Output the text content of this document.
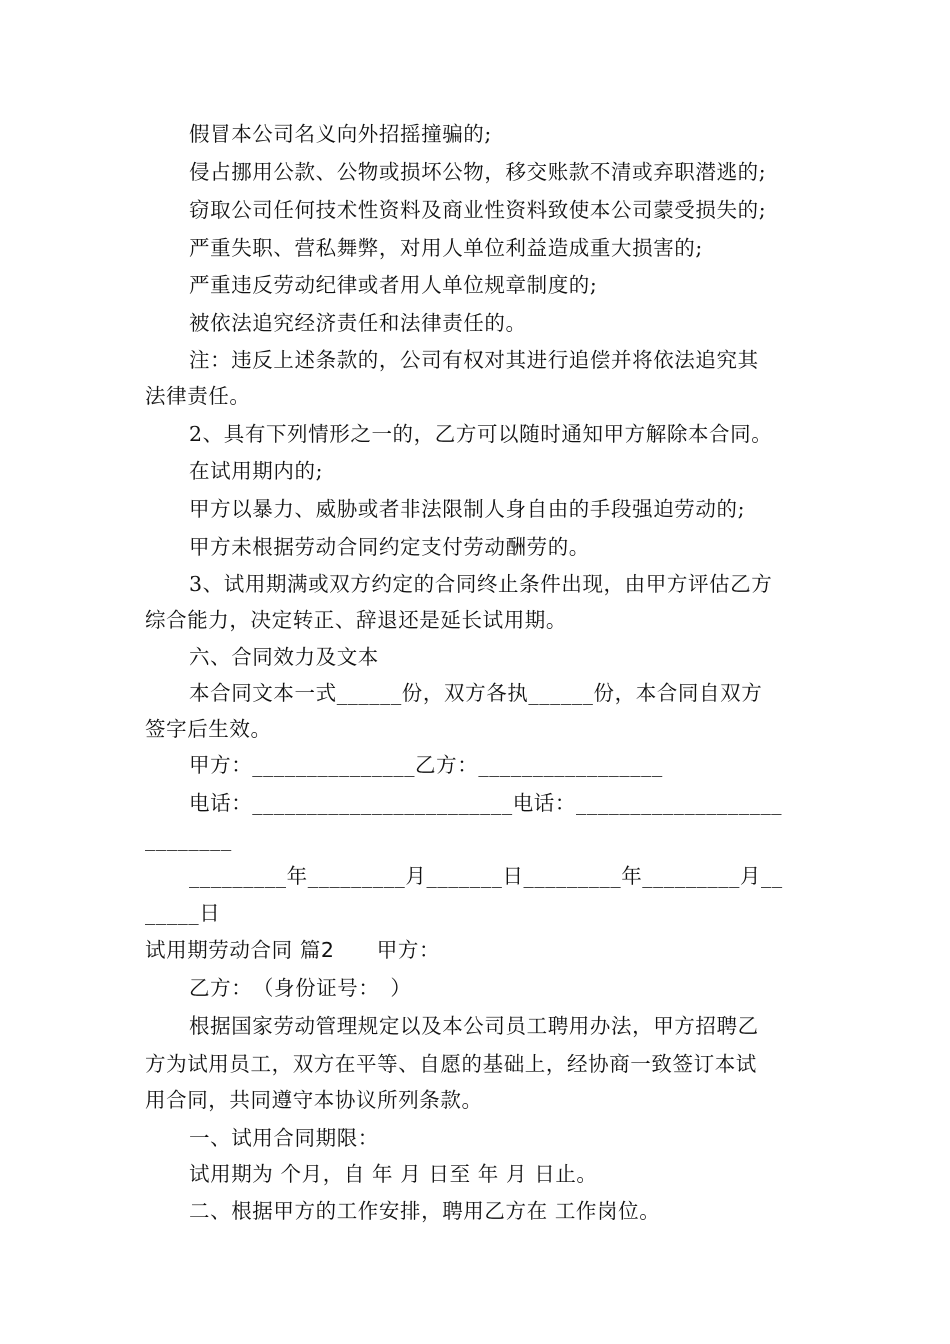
假冒本公司名义向外招摇撞骗的;
侵占挪用公款、公物或损坏公物，移交账款不清或弃职潜逃的;
窃取公司任何技术性资料及商业性资料致使本公司蒙受损失的;
严重失职、营私舞弊，对用人单位利益造成重大损害的;
严重违反劳动纪律或者用人单位规章制度的;
被依法追究经济责任和法律责任的。
注：违反上述条款的，公司有权对其进行追偿并将依法追究其
法律责任。
2、具有下列情形之一的，乙方可以随时通知甲方解除本合同。
在试用期内的;
甲方以暴力、威胁或者非法限制人身自由的手段强迫劳动的;
甲方未根据劳动合同约定支付劳动酬劳的。
3、试用期满或双方约定的合同终止条件出现，由甲方评估乙方
综合能力，决定转正、辞退还是延长试用期。
六、合同效力及文本
本合同文本一式______份，双方各执______份，本合同自双方
签字后生效。
甲方：_______________乙方：_________________
电话：________________________电话：___________________
________
_________年_________月_______日_________年_________月__
_____日
试用期劳动合同 篇2　　甲方：
乙方：　（身份证号：　）
根据国家劳动管理规定以及本公司员工聘用办法，甲方招聘乙
方为试用员工，双方在平等、自愿的基础上，经协商一致签订本试
用合同，共同遵守本协议所列条款。
一、试用合同期限：
试用期为 个月，自 年 月 日至 年 月 日止。
二、根据甲方的工作安排，聘用乙方在 工作岗位。
